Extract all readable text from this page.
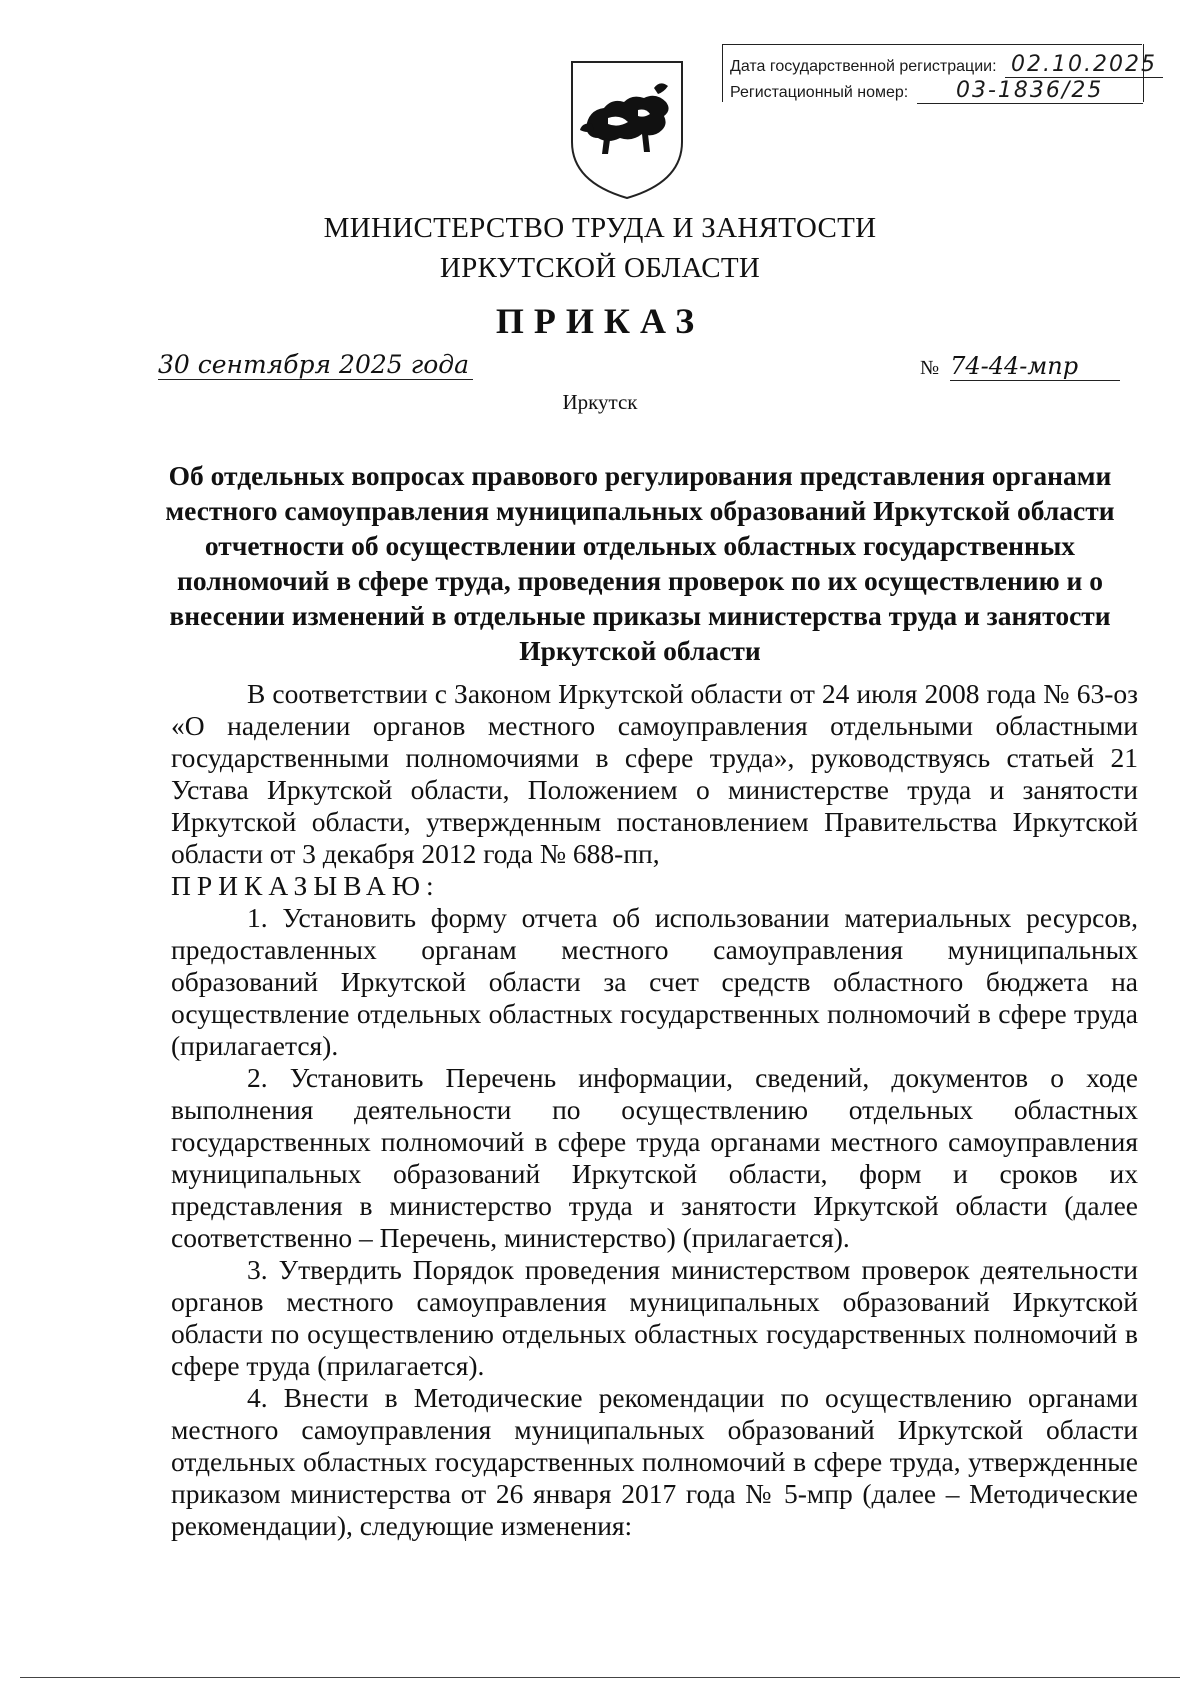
Дата государственной регистрации: 02.10.2025
Регистационный номер: 03-1836/25
МИНИСТЕРСТВО ТРУДА И ЗАНЯТОСТИ
ИРКУТСКОЙ ОБЛАСТИ
ПРИКАЗ
30 сентября 2025 года	№ 74-44-мпр
Иркутск
Об отдельных вопросах правового регулирования представления органами местного самоуправления муниципальных образований Иркутской области отчетности об осуществлении отдельных областных государственных полномочий в сфере труда, проведения проверок по их осуществлению и о внесении изменений в отдельные приказы министерства труда и занятости Иркутской области

В соответствии с Законом Иркутской области от 24 июля 2008 года № 63-оз «О наделении органов местного самоуправления отдельными областными государственными полномочиями в сфере труда», руководствуясь статьей 21 Устава Иркутской области, Положением о министерстве труда и занятости Иркутской области, утвержденным постановлением Правительства Иркутской области от 3 декабря 2012 года № 688-пп,

ПРИКАЗЫВАЮ:

1. Установить форму отчета об использовании материальных ресурсов, предоставленных органам местного самоуправления муниципальных образований Иркутской области за счет средств областного бюджета на осуществление отдельных областных государственных полномочий в сфере труда (прилагается).

2. Установить Перечень информации, сведений, документов о ходе выполнения деятельности по осуществлению отдельных областных государственных полномочий в сфере труда органами местного самоуправления муниципальных образований Иркутской области, форм и сроков их представления в министерство труда и занятости Иркутской области (далее соответственно – Перечень, министерство) (прилагается).

3. Утвердить Порядок проведения министерством проверок деятельности органов местного самоуправления муниципальных образований Иркутской области по осуществлению отдельных областных государственных полномочий в сфере труда (прилагается).

4. Внести в Методические рекомендации по осуществлению органами местного самоуправления муниципальных образований Иркутской области отдельных областных государственных полномочий в сфере труда, утвержденные приказом министерства от 26 января 2017 года № 5-мпр (далее – Методические рекомендации), следующие изменения:
